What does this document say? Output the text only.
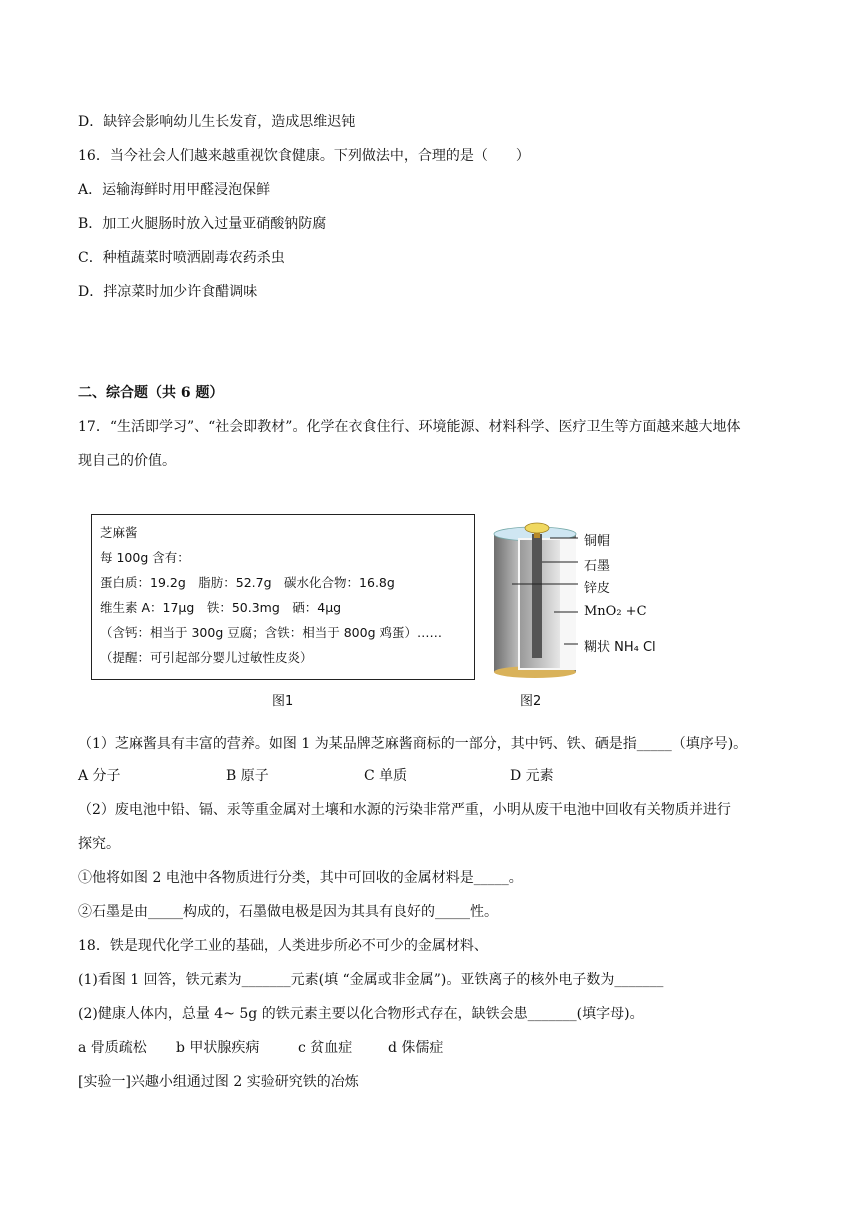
D．缺锌会影响幼儿生长发育，造成思维迟钝
16．当今社会人们越来越重视饮食健康。下列做法中，合理的是（　　）
A．运输海鲜时用甲醛浸泡保鲜
B．加工火腿肠时放入过量亚硝酸钠防腐
C．种植蔬菜时喷洒剧毒农药杀虫
D．拌凉菜时加少许食醋调味
二、综合题（共 6 题）
17．“生活即学习”、“社会即教材”。化学在衣食住行、环境能源、材料科学、医疗卫生等方面越来越大地体
现自己的价值。
芝麻酱
每 100g 含有：
蛋白质：19.2g　脂肪：52.7g　碳水化合物：16.8g
维生素 A：17μg　铁：50.3mg　硒：4μg
（含钙：相当于 300g 豆腐；含铁：相当于 800g 鸡蛋）……
（提醒：可引起部分婴儿过敏性皮炎）
图1
铜帽
石墨
锌皮
MnO₂ +C
糊状 NH₄ Cl
图2
（1）芝麻酱具有丰富的营养。如图 1 为某品牌芝麻酱商标的一部分，其中钙、铁、硒是指_____（填序号)。
A 分子	B 原子	C 单质	D 元素
（2）废电池中铅、镉、汞等重金属对土壤和水源的污染非常严重，小明从废干电池中回收有关物质并进行
探究。
①他将如图 2 电池中各物质进行分类，其中可回收的金属材料是_____。
②石墨是由_____构成的，石墨做电极是因为其具有良好的_____性。
18．铁是现代化学工业的基础，人类进步所必不可少的金属材料、
(1)看图 1 回答，铁元素为_______元素(填 “金属或非金属”)。亚铁离子的核外电子数为_______
(2)健康人体内，总量 4~ 5g 的铁元素主要以化合物形式存在，缺铁会患_______(填字母)。
a 骨质疏松 b 甲状腺疾病	c 贫血症	d 侏儒症
[实验一]兴趣小组通过图 2 实验研究铁的冶炼
